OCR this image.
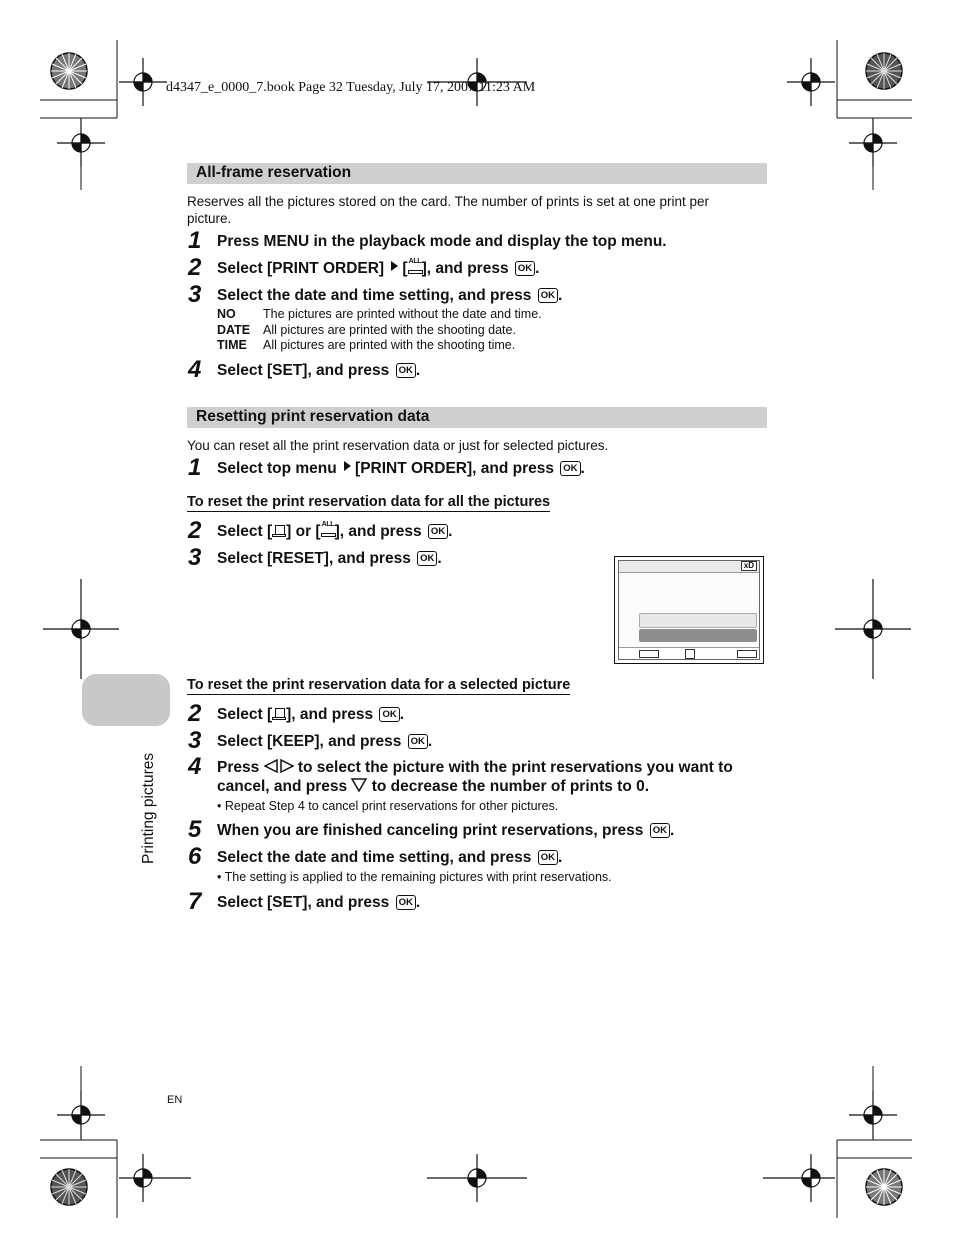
d4347_e_0000_7.book Page 32 Tuesday, July 17, 2007 11:23 AM
All-frame reservation
Reserves all the pictures stored on the card. The number of prints is set at one print per picture.
1 Press MENU in the playback mode and display the top menu.
2 Select [PRINT ORDER] [ ALL ], and press OK .
3 Select the date and time setting, and press OK .
NO The pictures are printed without the date and time.
DATE All pictures are printed with the shooting date.
TIME All pictures are printed with the shooting time.
4 Select [SET], and press OK .
Resetting print reservation data
You can reset all the print reservation data or just for selected pictures.
1 Select top menu [PRINT ORDER], and press OK .
To reset the print reservation data for all the pictures
2 Select [ ] or [ ALL ], and press OK .
3 Select [RESET], and press OK .	xD
To reset the print reservation data for a selected picture
2 Select [ ], and press OK .
3 Select [KEEP], and press OK .
4 Press  to select the picture with the print reservations you want to
cancel, and press  to decrease the number of prints to 0.
• Repeat Step 4 to cancel print reservations for other pictures.
5 When you are finished canceling print reservations, press OK .
6 Select the date and time setting, and press OK .
• The setting is applied to the remaining pictures with print reservations.
7 Select [SET], and press OK .
Printing pictures
EN
